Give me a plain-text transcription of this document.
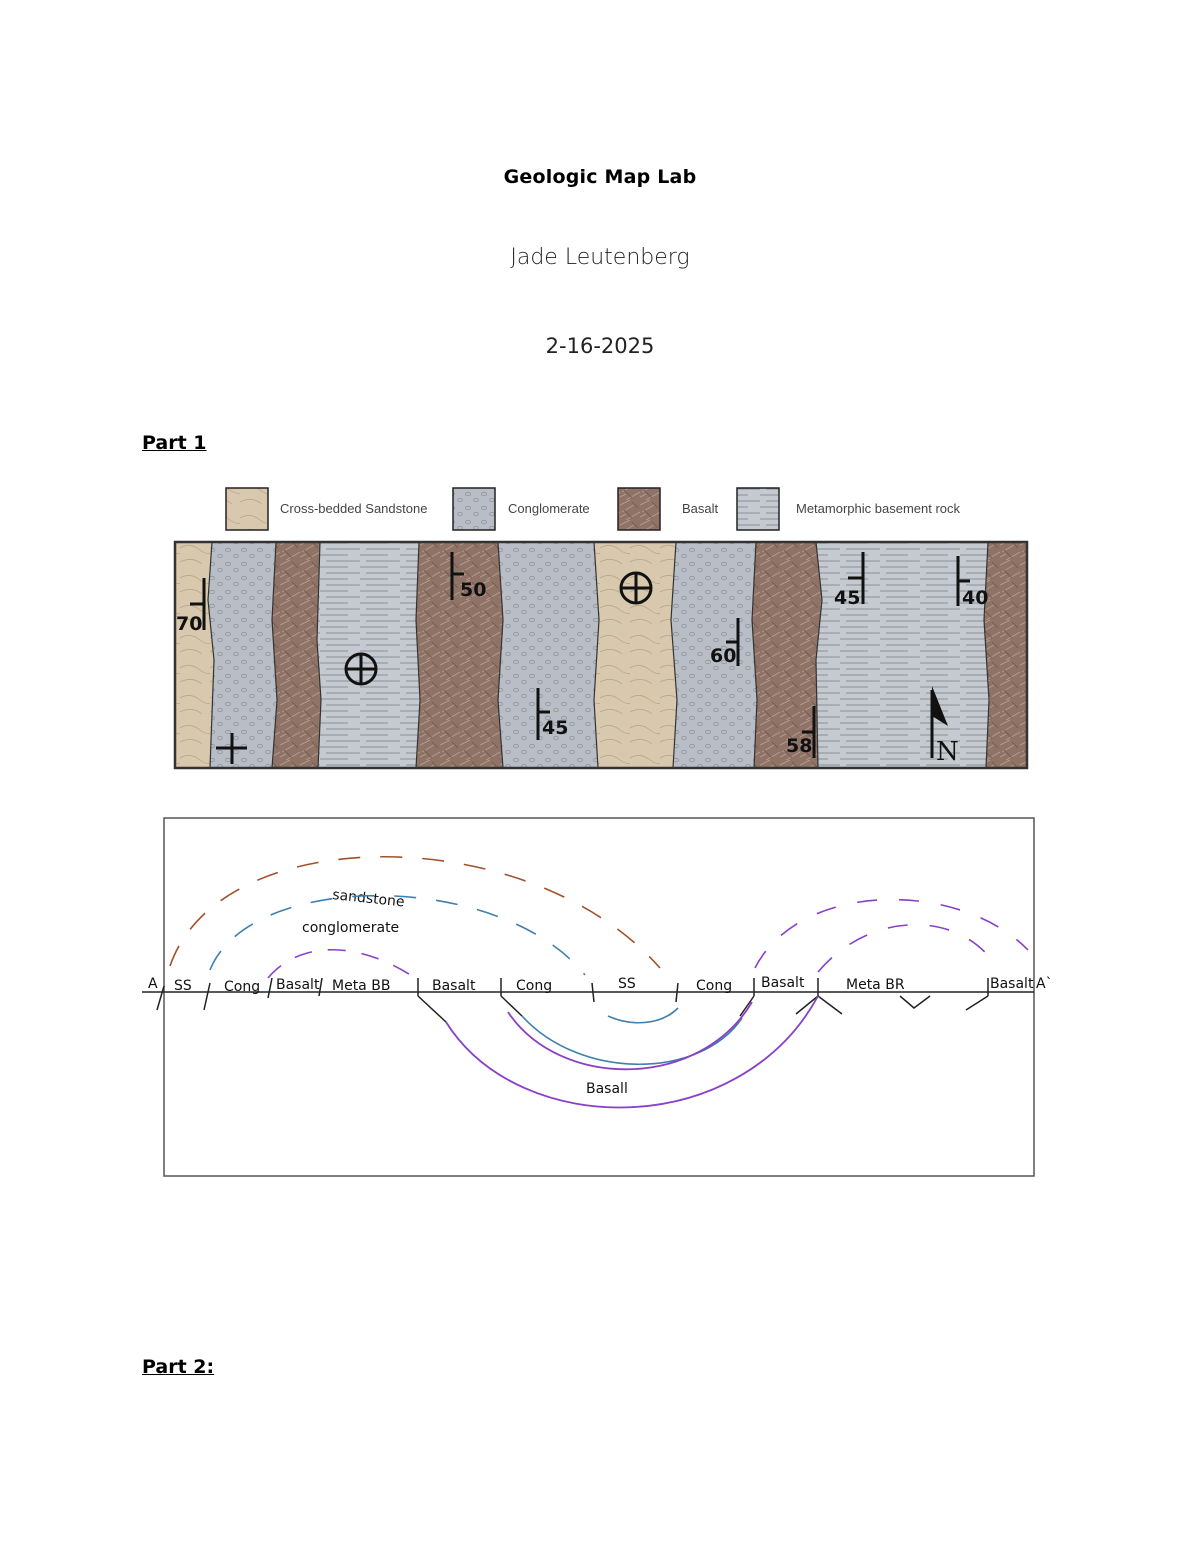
Geologic Map Lab
Jade Leutenberg
2-16-2025
Part 1
Part 2:
Cross-bedded Sandstone	Conglomerate	Basalt	Metamorphic basement rock
70
50
45
60
45	40
58	N
A	A`
SS Cong Basalt Meta BB	Basalt	Cong	SS	Cong Basalt	Meta BR	Basalt
sandstone
conglomerate
Basall
